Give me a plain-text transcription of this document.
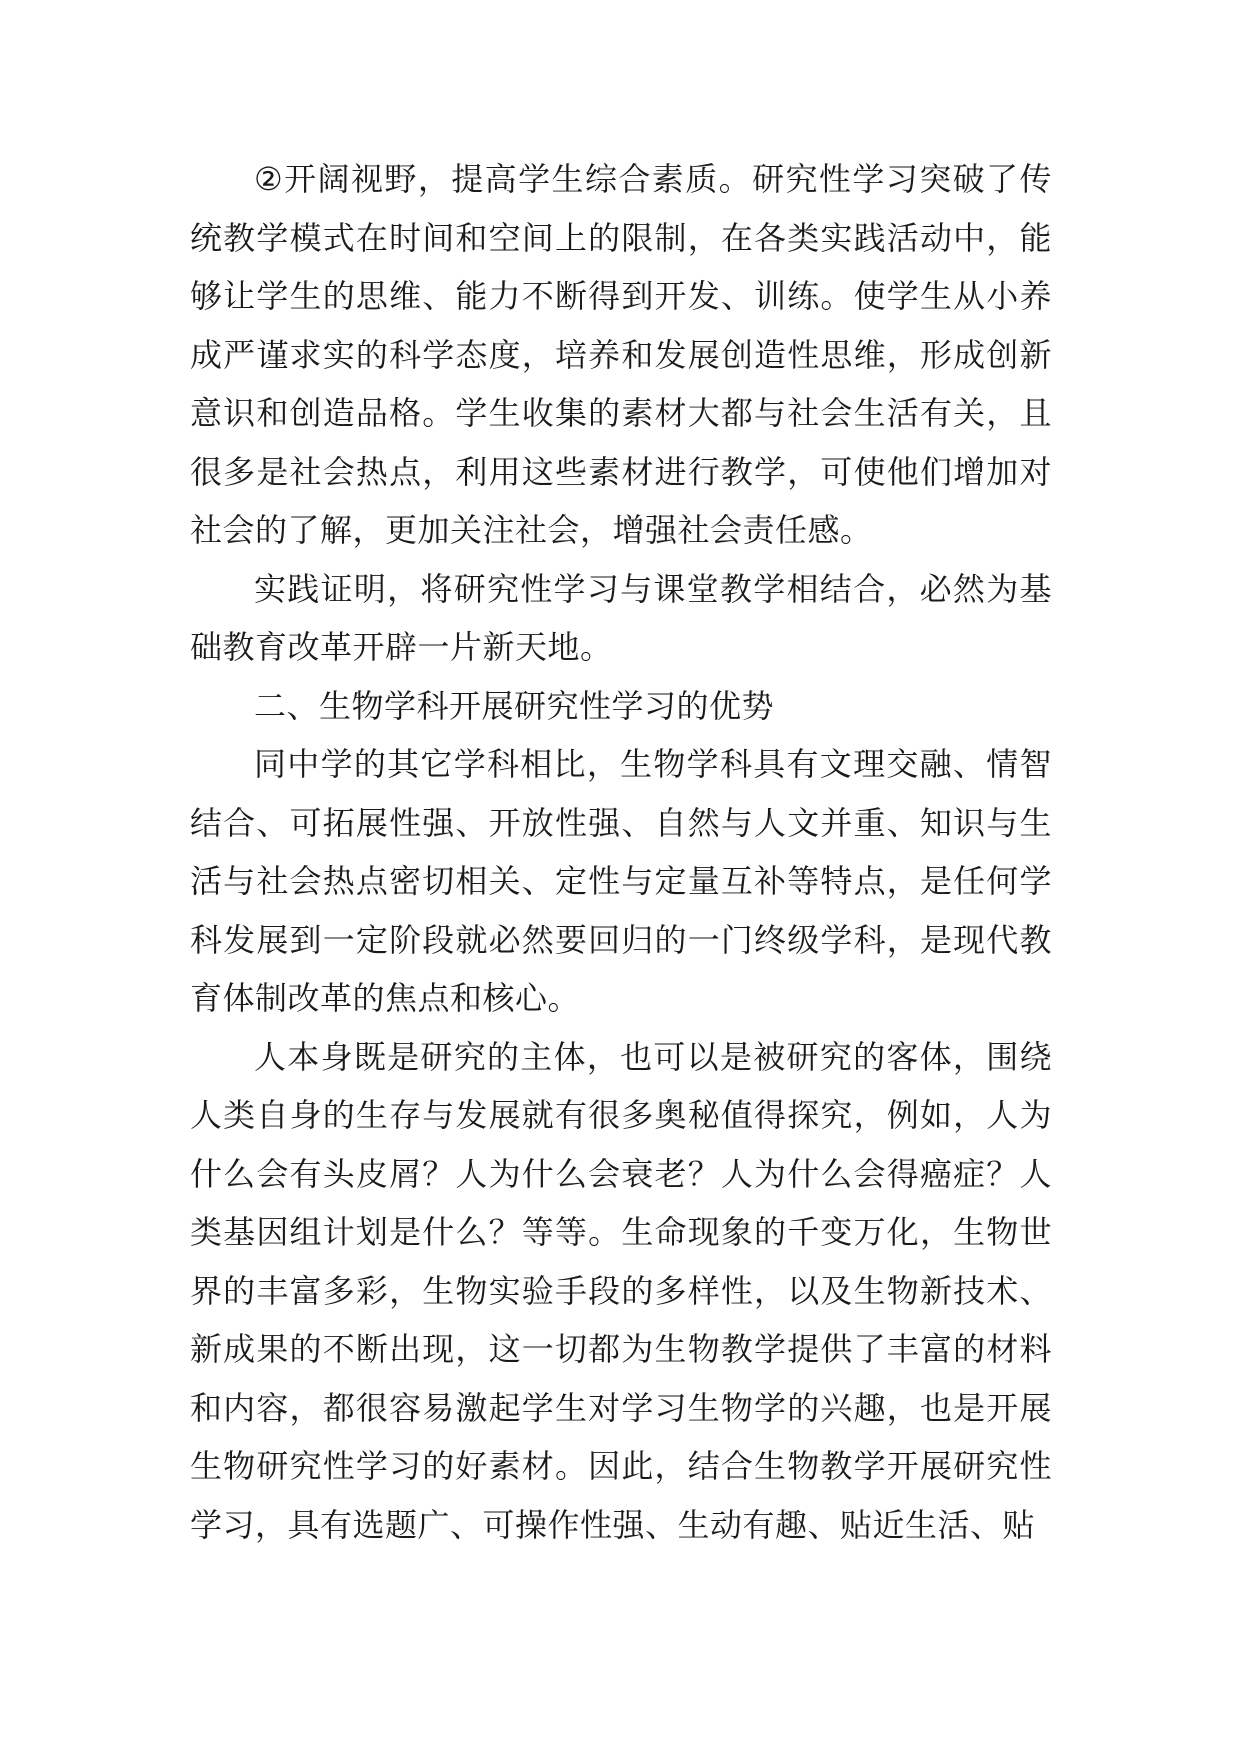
②开阔视野，提高学生综合素质。研究性学习突破了传统教学模式在时间和空间上的限制，在各类实践活动中，能够让学生的思维、能力不断得到开发、训练。使学生从小养成严谨求实的科学态度，培养和发展创造性思维，形成创新意识和创造品格。学生收集的素材大都与社会生活有关，且很多是社会热点，利用这些素材进行教学，可使他们增加对社会的了解，更加关注社会，增强社会责任感。

实践证明，将研究性学习与课堂教学相结合，必然为基础教育改革开辟一片新天地。

二、生物学科开展研究性学习的优势

同中学的其它学科相比，生物学科具有文理交融、情智结合、可拓展性强、开放性强、自然与人文并重、知识与生活与社会热点密切相关、定性与定量互补等特点，是任何学科发展到一定阶段就必然要回归的一门终级学科，是现代教育体制改革的焦点和核心。

人本身既是研究的主体，也可以是被研究的客体，围绕人类自身的生存与发展就有很多奥秘值得探究，例如，人为什么会有头皮屑？人为什么会衰老？人为什么会得癌症？人类基因组计划是什么？等等。生命现象的千变万化，生物世界的丰富多彩，生物实验手段的多样性，以及生物新技术、新成果的不断出现，这一切都为生物教学提供了丰富的材料和内容，都很容易激起学生对学习生物学的兴趣，也是开展生物研究性学习的好素材。因此，结合生物教学开展研究性学习，具有选题广、可操作性强、生动有趣、贴近生活、贴
